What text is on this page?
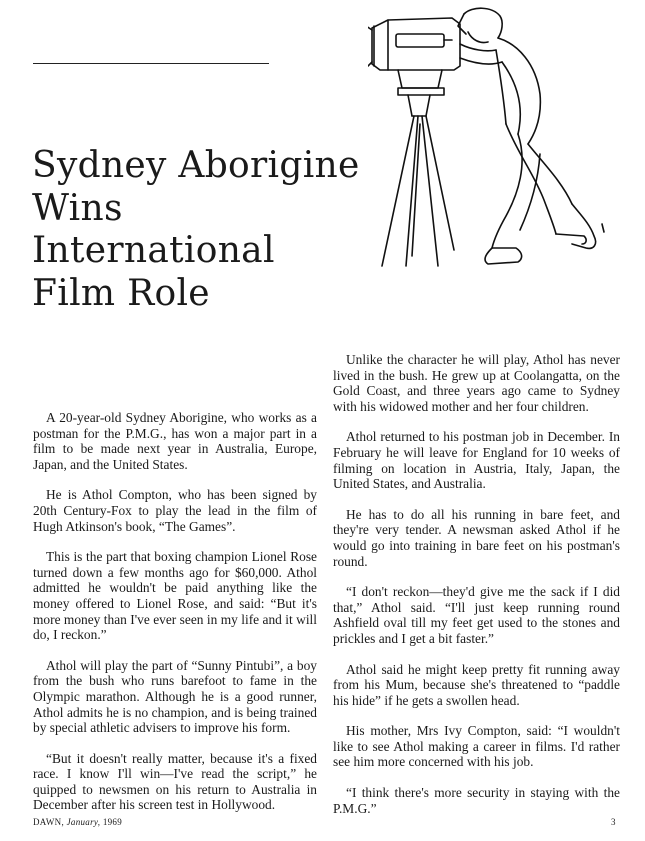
Sydney Aborigine
Wins
International
Film Role

A 20-year-old Sydney Aborigine, who works as a postman for the P.M.G., has won a major part in a film to be made next year in Australia, Europe, Japan, and the United States.

He is Athol Compton, who has been signed by 20th Century-Fox to play the lead in the film of Hugh Atkinson's book, “The Games”.

This is the part that boxing champion Lionel Rose turned down a few months ago for $60,000. Athol admitted he wouldn't be paid anything like the money offered to Lionel Rose, and said: “But it's more money than I've ever seen in my life and it will do, I reckon.”

Athol will play the part of “Sunny Pintubi”, a boy from the bush who runs barefoot to fame in the Olympic marathon. Although he is a good runner, Athol admits he is no champion, and is being trained by special athletic advisers to improve his form.

“But it doesn't really matter, because it's a fixed race. I know I'll win—I've read the script,” he quipped to newsmen on his return to Australia in December after his screen test in Hollywood.

Unlike the character he will play, Athol has never lived in the bush. He grew up at Coolangatta, on the Gold Coast, and three years ago came to Sydney with his widowed mother and her four children.

Athol returned to his postman job in December. In February he will leave for England for 10 weeks of filming on location in Austria, Italy, Japan, the United States, and Australia.

He has to do all his running in bare feet, and they're very tender. A newsman asked Athol if he would go into training in bare feet on his postman's round.

“I don't reckon—they'd give me the sack if I did that,” Athol said. “I'll just keep running round Ashfield oval till my feet get used to the stones and prickles and I get a bit faster.”

Athol said he might keep pretty fit running away from his Mum, because she's threatened to “paddle his hide” if he gets a swollen head.

His mother, Mrs Ivy Compton, said: “I wouldn't like to see Athol making a career in films. I'd rather see him more concerned with his job.

“I think there's more security in staying with the P.M.G.”

DAWN, January, 1969	3
